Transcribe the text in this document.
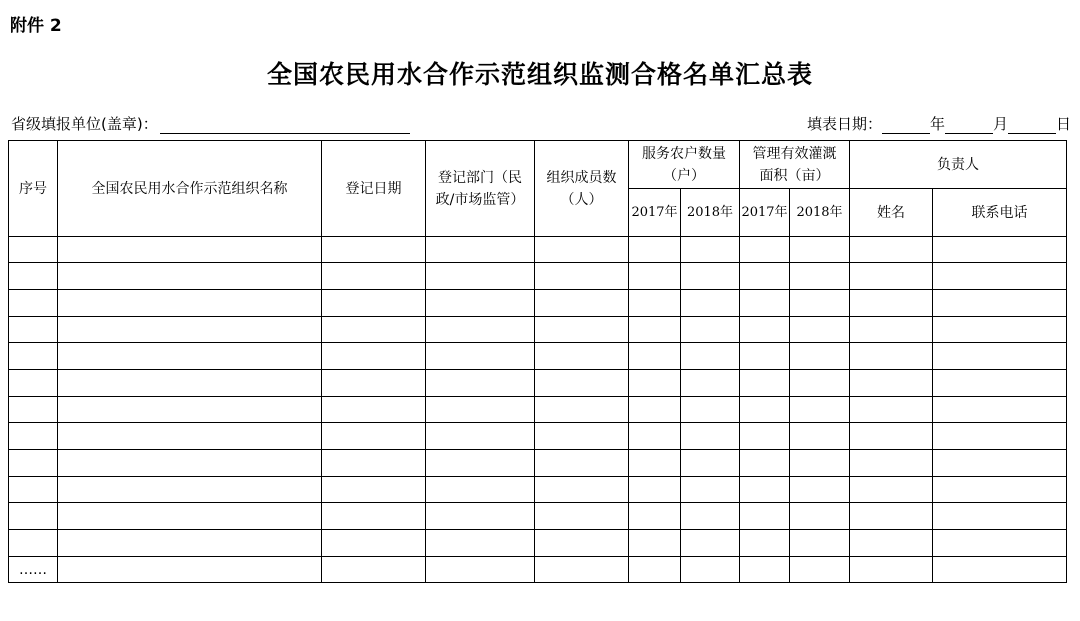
附件 2
全国农民用水合作示范组织监测合格名单汇总表
省级填报单位(盖章)：	填表日期：	年	月	日
序号	全国农民用水合作示范组织名称	登记日期	登记部门（民政/市场监管）	组织成员数（人）	服务农户数量（户）		管理有效灌溉面积（亩）		负责人	
					2017年	2018年	2017年	2018年	姓名	联系电话

……										
